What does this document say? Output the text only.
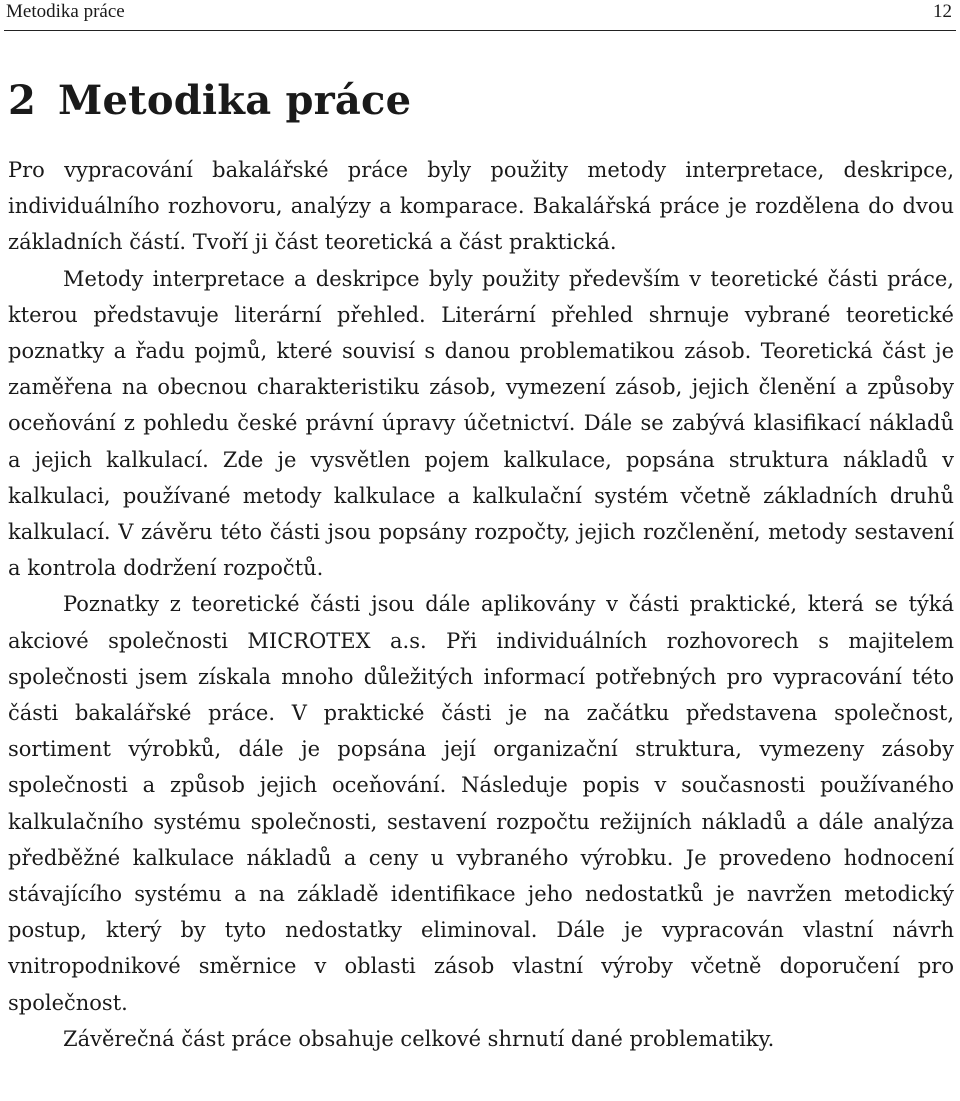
Metodika práce	12
2 Metodika práce

Pro vypracování bakalářské práce byly použity metody interpretace, deskripce, individuálního rozhovoru, analýzy a komparace. Bakalářská práce je rozdělena do dvou základních částí. Tvoří ji část teoretická a část praktická.

Metody interpretace a deskripce byly použity především v teoretické části práce, kterou představuje literární přehled. Literární přehled shrnuje vybrané teoretické poznatky a řadu pojmů, které souvisí s danou problematikou zásob. Teoretická část je zaměřena na obecnou charakteristiku zásob, vymezení zásob, jejich členění a způsoby oceňování z pohledu české právní úpravy účetnictví. Dále se zabývá klasifikací nákladů a jejich kalkulací. Zde je vysvětlen pojem kalkulace, popsána struktura nákladů v kalkulaci, používané metody kalkulace a kalkulační systém včetně základních druhů kalkulací. V závěru této části jsou popsány rozpočty, jejich rozčlenění, metody sestavení a kontrola dodržení rozpočtů.

Poznatky z teoretické části jsou dále aplikovány v části praktické, která se týká akciové společnosti MICROTEX a.s. Při individuálních rozhovorech s majitelem společnosti jsem získala mnoho důležitých informací potřebných pro vypracování této části bakalářské práce. V praktické části je na začátku představena společnost, sortiment výrobků, dále je popsána její organizační struktura, vymezeny zásoby společnosti a způsob jejich oceňování. Následuje popis v současnosti používaného kalkulačního systému společnosti, sestavení rozpočtu režijních nákladů a dále analýza předběžné kalkulace nákladů a ceny u vybraného výrobku. Je provedeno hodnocení stávajícího systému a na základě identifikace jeho nedostatků je navržen metodický postup, který by tyto nedostatky eliminoval. Dále je vypracován vlastní návrh vnitropodnikové směrnice v oblasti zásob vlastní výroby včetně doporučení pro společnost.

Závěrečná část práce obsahuje celkové shrnutí dané problematiky.
